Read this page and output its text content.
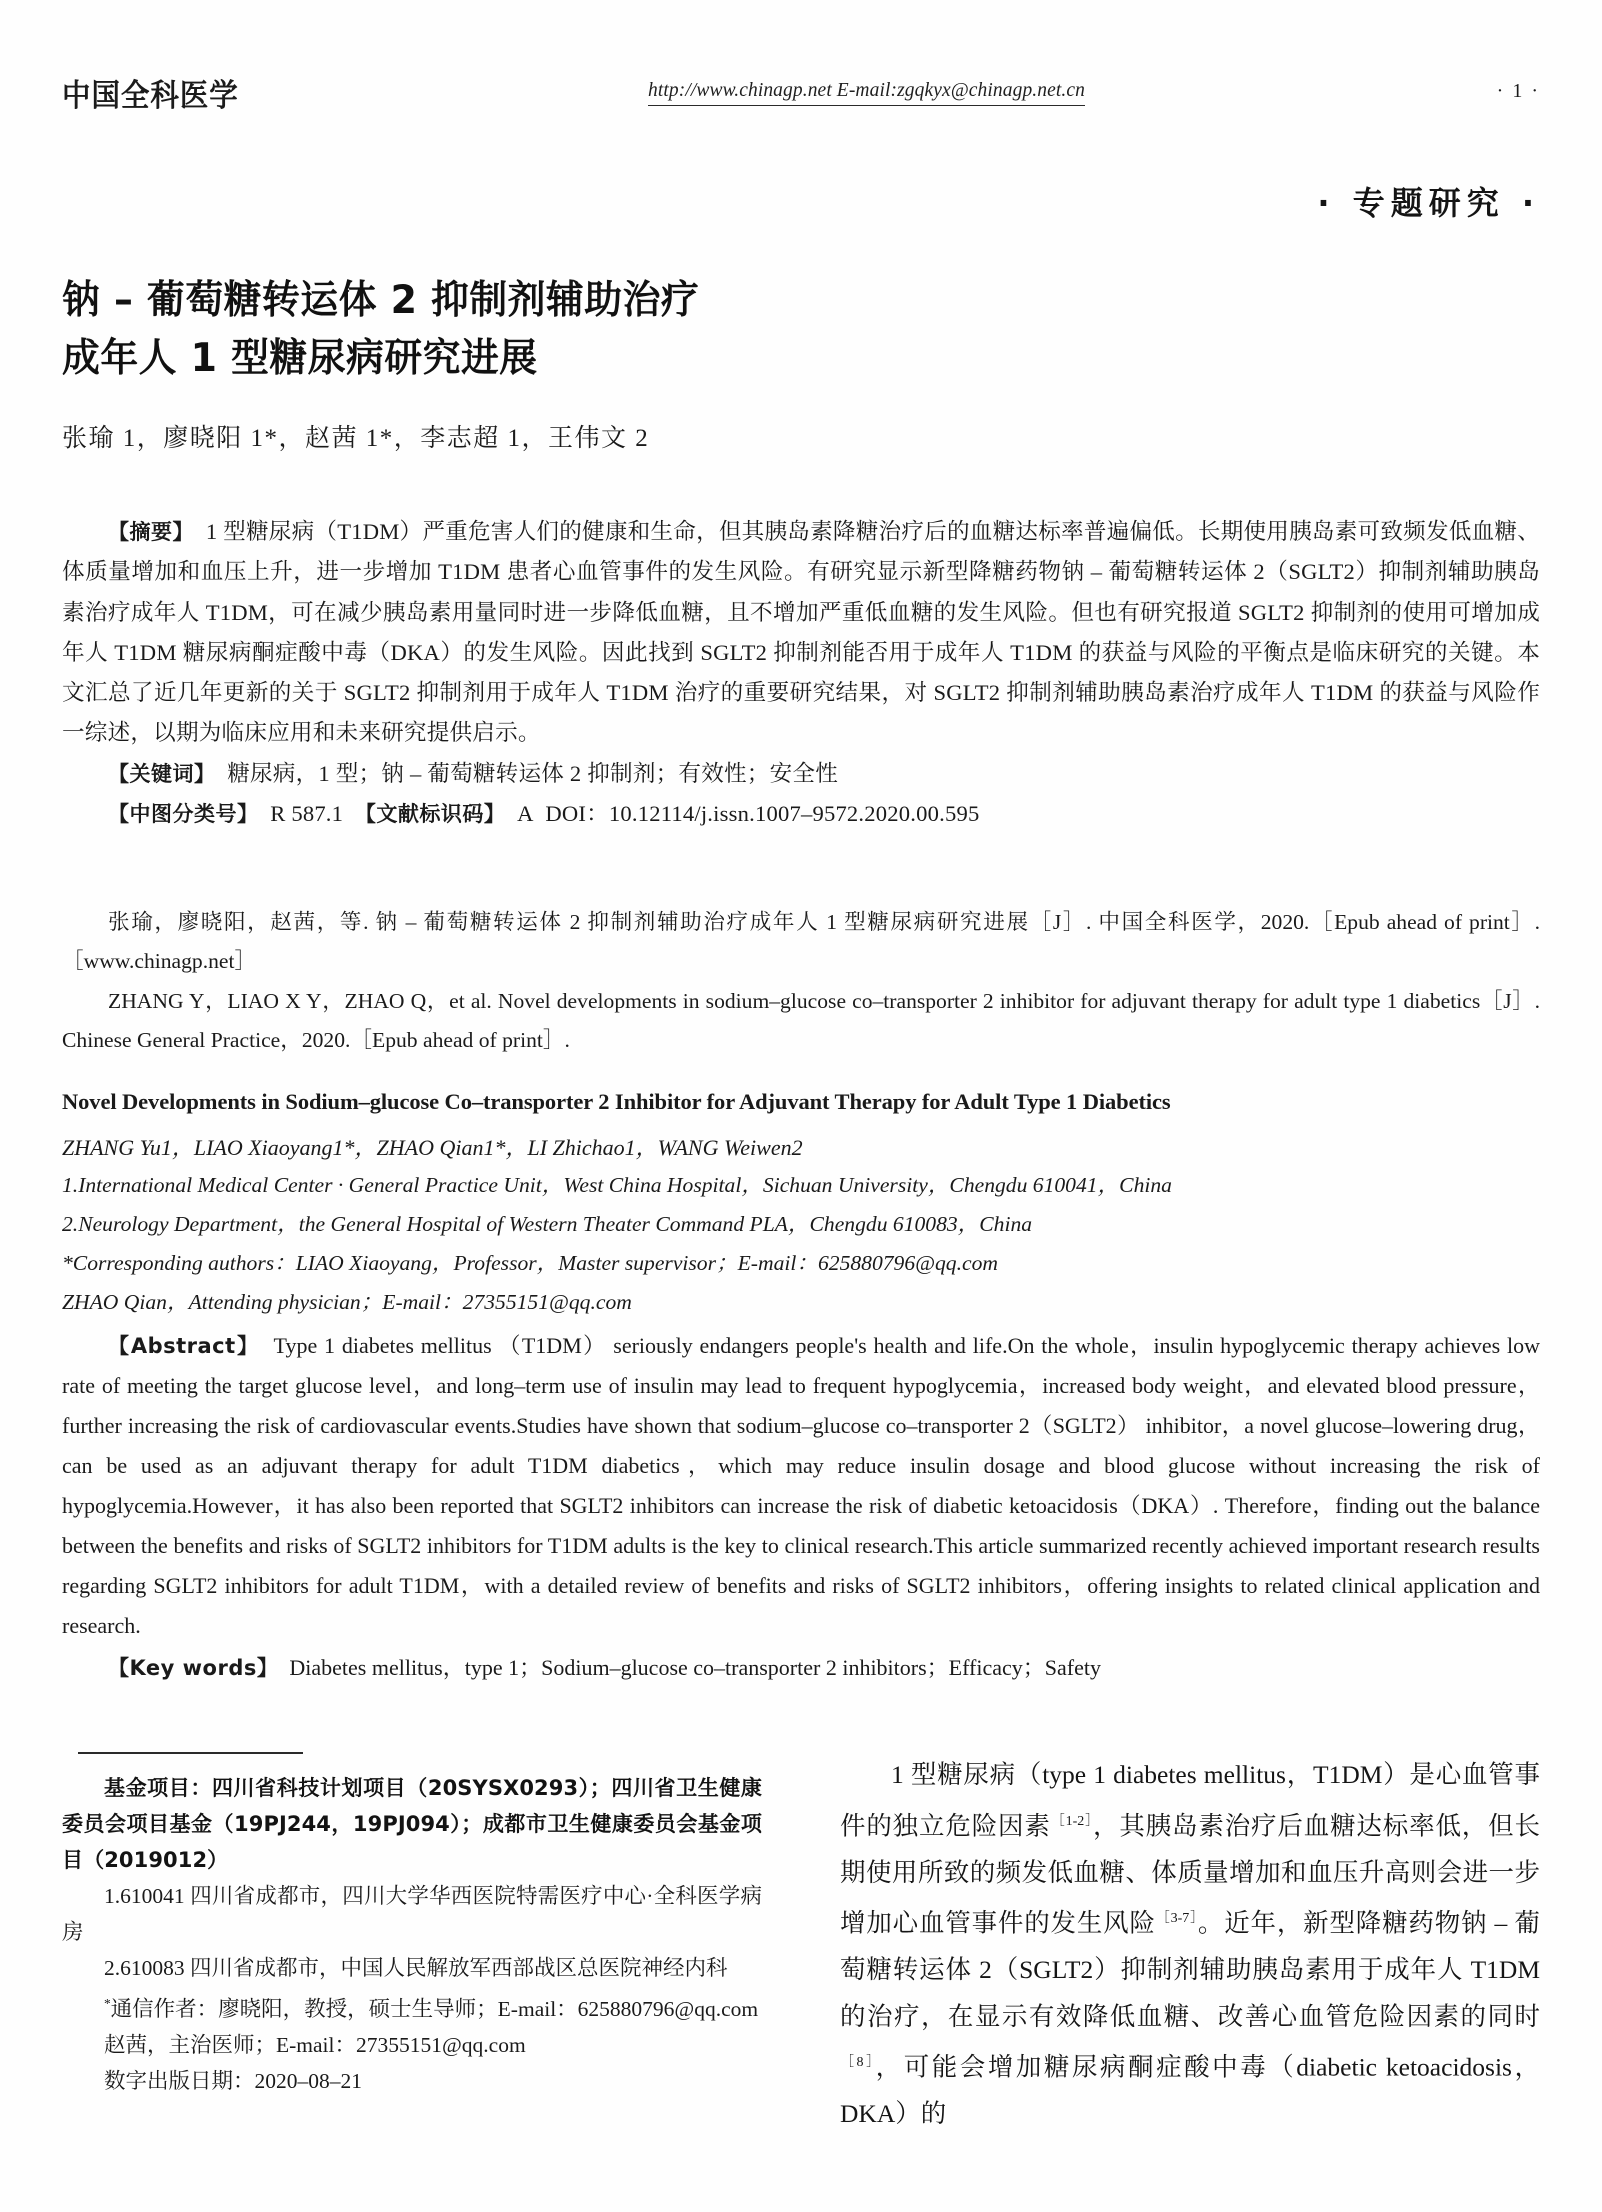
中国全科医学	http://www.chinagp.net E-mail:zgqkyx@chinagp.net.cn	· 1 ·
· 专题研究 ·
钠 – 葡萄糖转运体 2 抑制剂辅助治疗
成年人 1 型糖尿病研究进展
张瑜 1，廖晓阳 1*，赵茜 1*，李志超 1，王伟文 2

【摘要】 1 型糖尿病（T1DM）严重危害人们的健康和生命，但其胰岛素降糖治疗后的血糖达标率普遍偏低。长期使用胰岛素可致频发低血糖、体质量增加和血压上升，进一步增加 T1DM 患者心血管事件的发生风险。有研究显示新型降糖药物钠 – 葡萄糖转运体 2（SGLT2）抑制剂辅助胰岛素治疗成年人 T1DM，可在减少胰岛素用量同时进一步降低血糖，且不增加严重低血糖的发生风险。但也有研究报道 SGLT2 抑制剂的使用可增加成年人 T1DM 糖尿病酮症酸中毒（DKA）的发生风险。因此找到 SGLT2 抑制剂能否用于成年人 T1DM 的获益与风险的平衡点是临床研究的关键。本文汇总了近几年更新的关于 SGLT2 抑制剂用于成年人 T1DM 治疗的重要研究结果，对 SGLT2 抑制剂辅助胰岛素治疗成年人 T1DM 的获益与风险作一综述，以期为临床应用和未来研究提供启示。

【关键词】 糖尿病，1 型；钠 – 葡萄糖转运体 2 抑制剂；有效性；安全性

【中图分类号】 R 587.1 【文献标识码】 A DOI：10.12114/j.issn.1007–9572.2020.00.595

张瑜，廖晓阳，赵茜，等. 钠 – 葡萄糖转运体 2 抑制剂辅助治疗成年人 1 型糖尿病研究进展［J］. 中国全科医学，2020.［Epub ahead of print］.［www.chinagp.net］
ZHANG Y，LIAO X Y，ZHAO Q，et al. Novel developments in sodium–glucose co–transporter 2 inhibitor for adjuvant therapy for adult type 1 diabetics［J］. Chinese General Practice，2020.［Epub ahead of print］.
Novel Developments in Sodium–glucose Co–transporter 2 Inhibitor for Adjuvant Therapy for Adult Type 1 Diabetics
ZHANG Yu1，LIAO Xiaoyang1*，ZHAO Qian1*，LI Zhichao1，WANG Weiwen2
1.International Medical Center · General Practice Unit，West China Hospital，Sichuan University，Chengdu 610041，China
2.Neurology Department，the General Hospital of Western Theater Command PLA，Chengdu 610083，China
*Corresponding authors：LIAO Xiaoyang，Professor，Master supervisor；E-mail：625880796@qq.com
ZHAO Qian，Attending physician；E-mail：27355151@qq.com

【Abstract】 Type 1 diabetes mellitus （T1DM） seriously endangers people's health and life.On the whole，insulin hypoglycemic therapy achieves low rate of meeting the target glucose level，and long–term use of insulin may lead to frequent hypoglycemia，increased body weight，and elevated blood pressure，further increasing the risk of cardiovascular events.Studies have shown that sodium–glucose co–transporter 2（SGLT2） inhibitor，a novel glucose–lowering drug，can be used as an adjuvant therapy for adult T1DM diabetics，which may reduce insulin dosage and blood glucose without increasing the risk of hypoglycemia.However，it has also been reported that SGLT2 inhibitors can increase the risk of diabetic ketoacidosis（DKA）. Therefore，finding out the balance between the benefits and risks of SGLT2 inhibitors for T1DM adults is the key to clinical research.This article summarized recently achieved important research results regarding SGLT2 inhibitors for adult T1DM，with a detailed review of benefits and risks of SGLT2 inhibitors，offering insights to related clinical application and research.

【Key words】 Diabetes mellitus，type 1；Sodium–glucose co–transporter 2 inhibitors；Efficacy；Safety

基金项目：四川省科技计划项目（20SYSX0293）；四川省卫生健康委员会项目基金（19PJ244，19PJ094）；成都市卫生健康委员会基金项目（2019012）

1.610041 四川省成都市，四川大学华西医院特需医疗中心·全科医学病房

2.610083 四川省成都市，中国人民解放军西部战区总医院神经内科

*通信作者：廖晓阳，教授，硕士生导师；E-mail：625880796@qq.com

赵茜，主治医师；E-mail：27355151@qq.com

数字出版日期：2020–08–21

1 型糖尿病（type 1 diabetes mellitus，T1DM）是心血管事件的独立危险因素$^{[1-2]}$，其胰岛素治疗后血糖达标率低，但长期使用所致的频发低血糖、体质量增加和血压升高则会进一步增加心血管事件的发生风险$^{[3-7]}$。近年，新型降糖药物钠 – 葡萄糖转运体 2（SGLT2）抑制剂辅助胰岛素用于成年人 T1DM 的治疗，在显示有效降低血糖、改善心血管危险因素的同时$^{[8]}$，可能会增加糖尿病酮症酸中毒（diabetic ketoacidosis，DKA）的
